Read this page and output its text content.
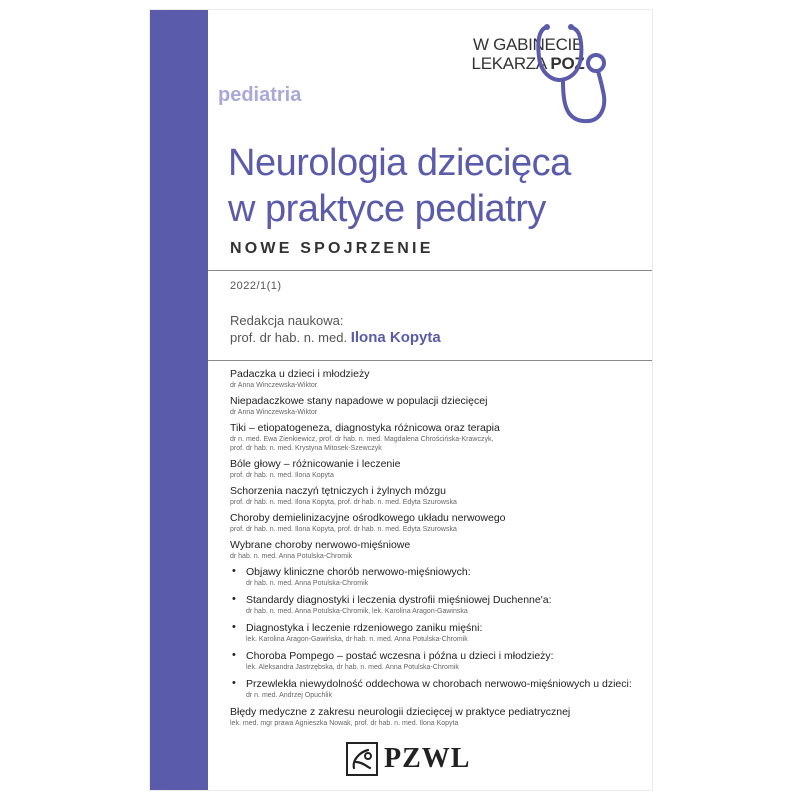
W GABINECIE
LEKARZA POZ
pediatria
Neurologia dziecięca
w praktyce pediatry
NOWE SPOJRZENIE
2022/1(1)
Redakcja naukowa:
prof. dr hab. n. med. Ilona Kopyta
Padaczka u dzieci i młodzieży
dr Anna Winczewska-Wiktor
Niepadaczkowe stany napadowe w populacji dziecięcej
dr Anna Winczewska-Wiktor
Tiki – etiopatogeneza, diagnostyka różnicowa oraz terapia
dr n. med. Ewa Zienkiewicz, prof. dr hab. n. med. Magdalena Chrościńska-Krawczyk,
prof. dr hab. n. med. Krystyna Mitosek-Szewczyk
Bóle głowy – różnicowanie i leczenie
prof. dr hab. n. med. Ilona Kopyta
Schorzenia naczyń tętniczych i żylnych mózgu
prof. dr hab. n. med. Ilona Kopyta, prof. dr hab. n. med. Edyta Szurowska
Choroby demielinizacyjne ośrodkowego układu nerwowego
prof. dr hab. n. med. Ilona Kopyta, prof. dr hab. n. med. Edyta Szurowska
Wybrane choroby nerwowo-mięśniowe
dr hab. n. med. Anna Potulska-Chromik
• Objawy kliniczne chorób nerwowo-mięśniowych:
dr hab. n. med. Anna Potulska-Chromik
• Standardy diagnostyki i leczenia dystrofii mięśniowej Duchenne'a:
dr hab. n. med. Anna Potulska-Chromik, lek. Karolina Aragon-Gawinska
• Diagnostyka i leczenie rdzeniowego zaniku mięśni:
lek. Karolina Aragon-Gawińska, dr hab. n. med. Anna Potulska-Chromik
• Choroba Pompego – postać wczesna i późna u dzieci i młodzieży:
lek. Aleksandra Jastrzębska, dr hab. n. med. Anna Potulska-Chromik
• Przewlekła niewydolność oddechowa w chorobach nerwowo-mięśniowych u dzieci:
dr n. med. Andrzej Opuchlik
Błędy medyczne z zakresu neurologii dziecięcej w praktyce pediatrycznej
lek. med. mgr prawa Agnieszka Nowak, prof. dr hab. n. med. Ilona Kopyta
PZWL
